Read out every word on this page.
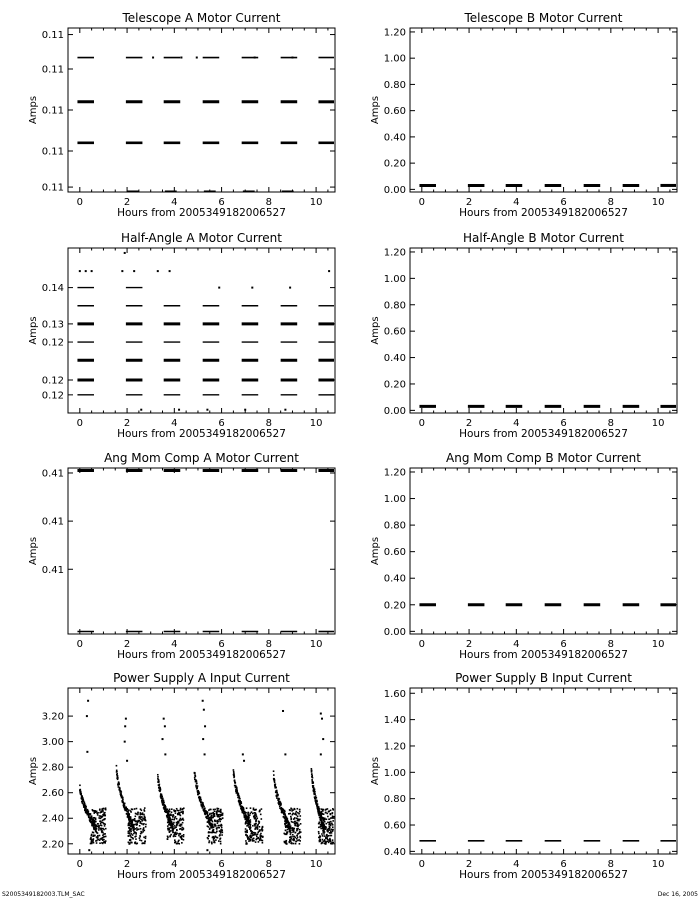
Telescope A Motor Current
0	2	4	6	8	10
0.11
0.11
0.11
0.11
0.11
Hours from 2005349182006527
Amps
Telescope B Motor Current
0	2	4	6	8	10
0.00
0.20
0.40
0.60
0.80
1.00
1.20
Hours from 2005349182006527
Amps
Half-Angle A Motor Current
0	2	4	6	8	10
0.12
0.12
0.12
0.13
0.14
Hours from 2005349182006527
Amps
Half-Angle B Motor Current
0	2	4	6	8	10
0.00
0.20
0.40
0.60
0.80
1.00
1.20
Hours from 2005349182006527
Amps
Ang Mom Comp A Motor Current
0	2	4	6	8	10
0.41
0.41
0.41
Hours from 2005349182006527
Amps
Ang Mom Comp B Motor Current
0	2	4	6	8	10
0.00
0.20
0.40
0.60
0.80
1.00
1.20
Hours from 2005349182006527
Amps
Power Supply A Input Current
0	2	4	6	8	10
2.20
2.40
2.60
2.80
3.00
3.20
Hours from 2005349182006527
Amps
Power Supply B Input Current
0	2	4	6	8	10
0.40
0.60
0.80
1.00
1.20
1.40
1.60
Hours from 2005349182006527
Amps
S2005349182003.TLM_SAC	Dec 16, 2005
